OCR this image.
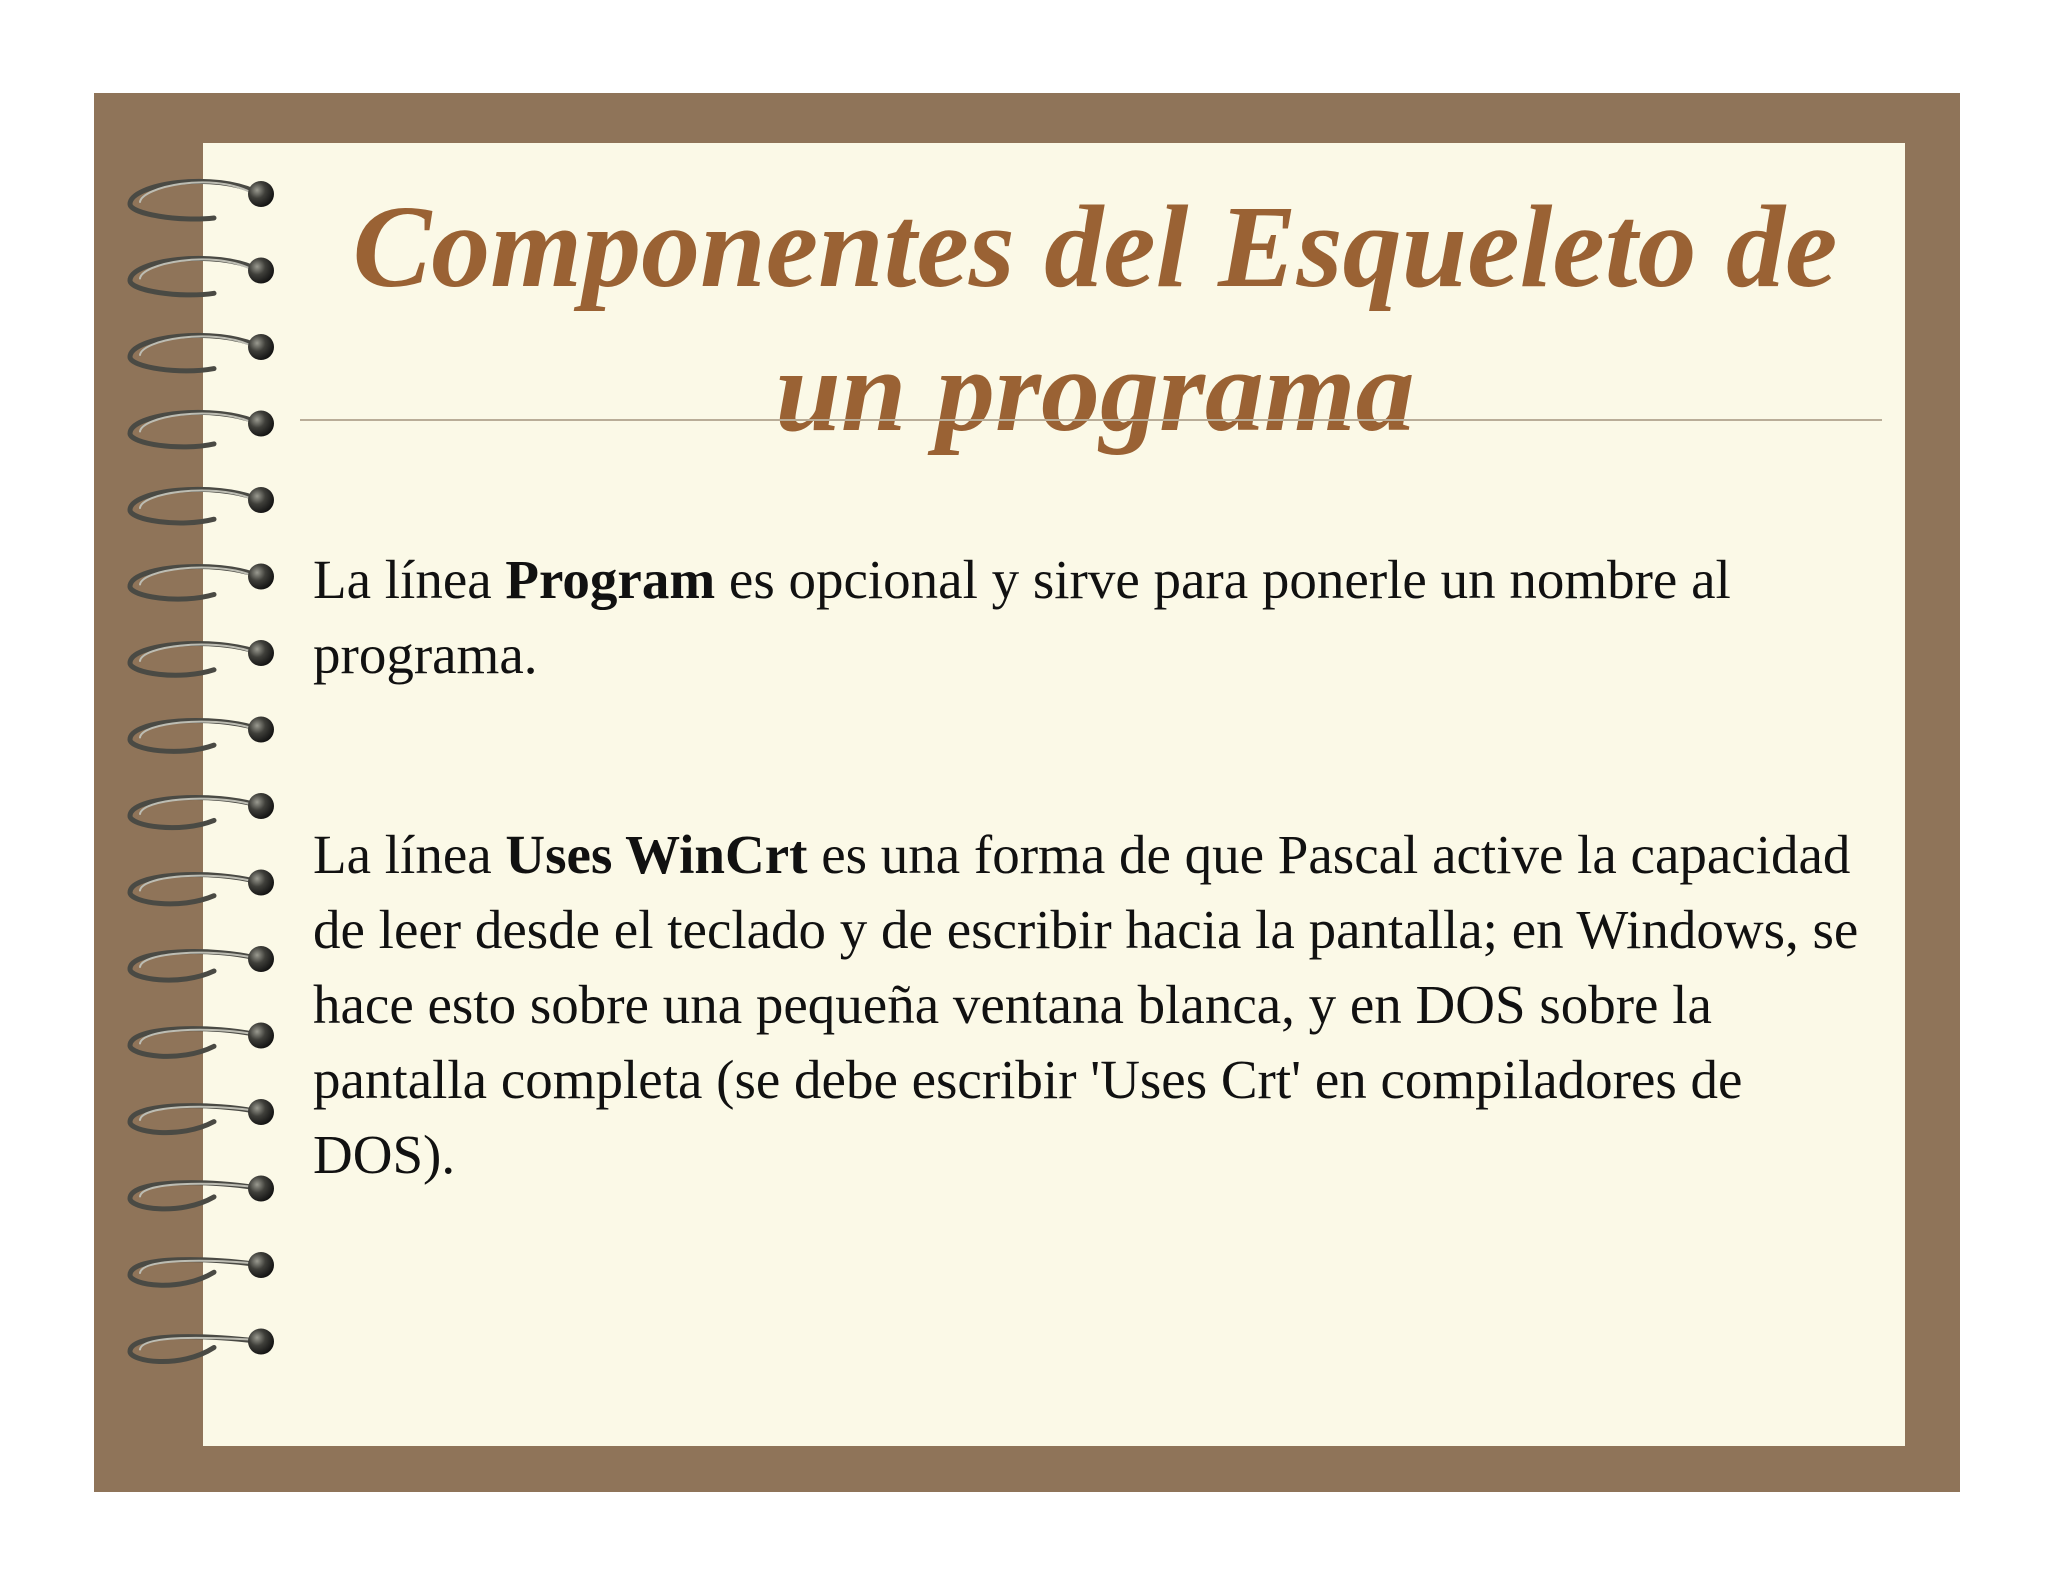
Componentes del Esqueleto de
un programa

La línea Program es opcional y sirve para ponerle un nombre al programa.

La línea Uses WinCrt es una forma de que Pascal active la capacidad de leer desde el teclado y de escribir hacia la pantalla; en Windows, se hace esto sobre una pequeña ventana blanca, y en DOS sobre la pantalla completa (se debe escribir 'Uses Crt' en compiladores de DOS).
